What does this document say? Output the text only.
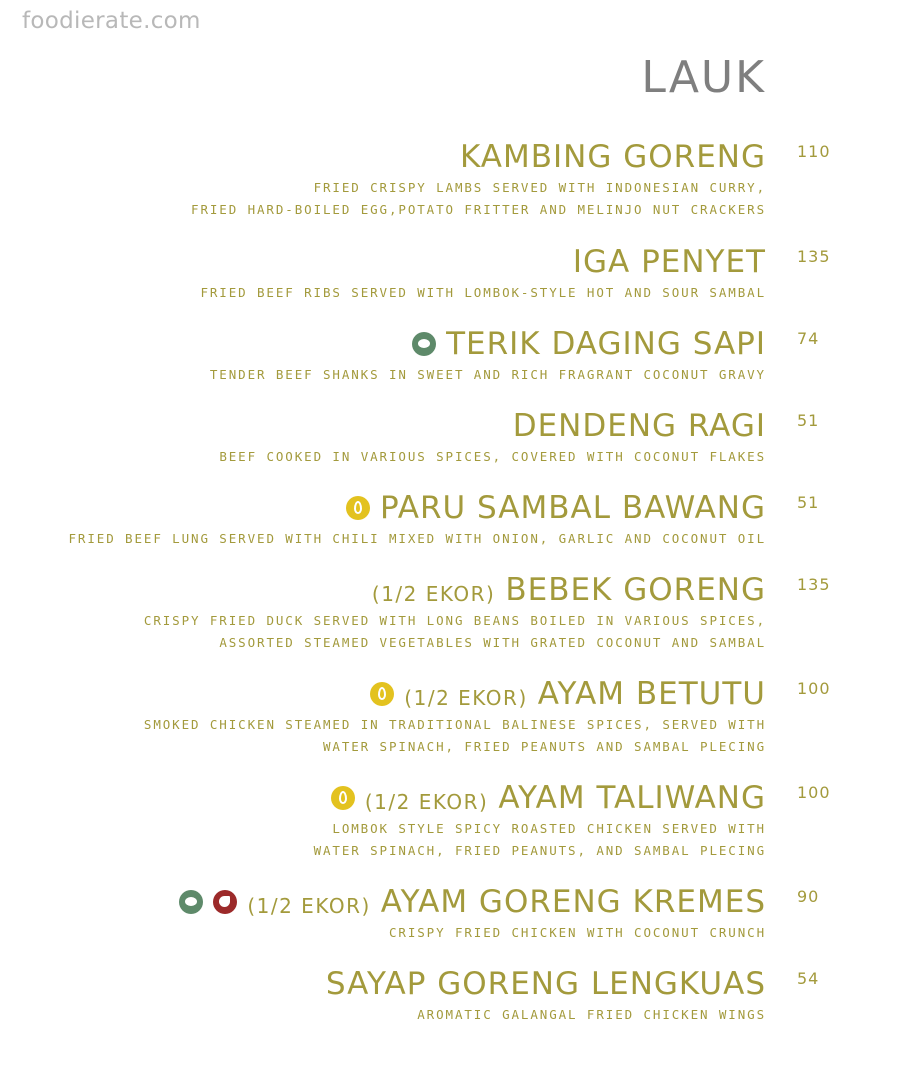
foodierate.com
LAUK
KAMBING GORENG
FRIED CRISPY LAMBS SERVED WITH INDONESIAN CURRY,
FRIED HARD-BOILED EGG,POTATO FRITTER AND MELINJO NUT CRACKERS
IGA PENYET
FRIED BEEF RIBS SERVED WITH LOMBOK-STYLE HOT AND SOUR SAMBAL
TERIK DAGING SAPI
TENDER BEEF SHANKS IN SWEET AND RICH FRAGRANT COCONUT GRAVY
DENDENG RAGI
BEEF COOKED IN VARIOUS SPICES, COVERED WITH COCONUT FLAKES
PARU SAMBAL BAWANG
FRIED BEEF LUNG SERVED WITH CHILI MIXED WITH ONION, GARLIC AND COCONUT OIL
(1/2 EKOR) BEBEK GORENG
CRISPY FRIED DUCK SERVED WITH LONG BEANS BOILED IN VARIOUS SPICES,
ASSORTED STEAMED VEGETABLES WITH GRATED COCONUT AND SAMBAL
(1/2 EKOR) AYAM BETUTU
SMOKED CHICKEN STEAMED IN TRADITIONAL BALINESE SPICES, SERVED WITH
WATER SPINACH, FRIED PEANUTS AND SAMBAL PLECING
(1/2 EKOR) AYAM TALIWANG
LOMBOK STYLE SPICY ROASTED CHICKEN SERVED WITH
WATER SPINACH, FRIED PEANUTS, AND SAMBAL PLECING
(1/2 EKOR) AYAM GORENG KREMES
CRISPY FRIED CHICKEN WITH COCONUT CRUNCH
SAYAP GORENG LENGKUAS
AROMATIC GALANGAL FRIED CHICKEN WINGS
110
135
74
51
51
135
100
100
90
54
